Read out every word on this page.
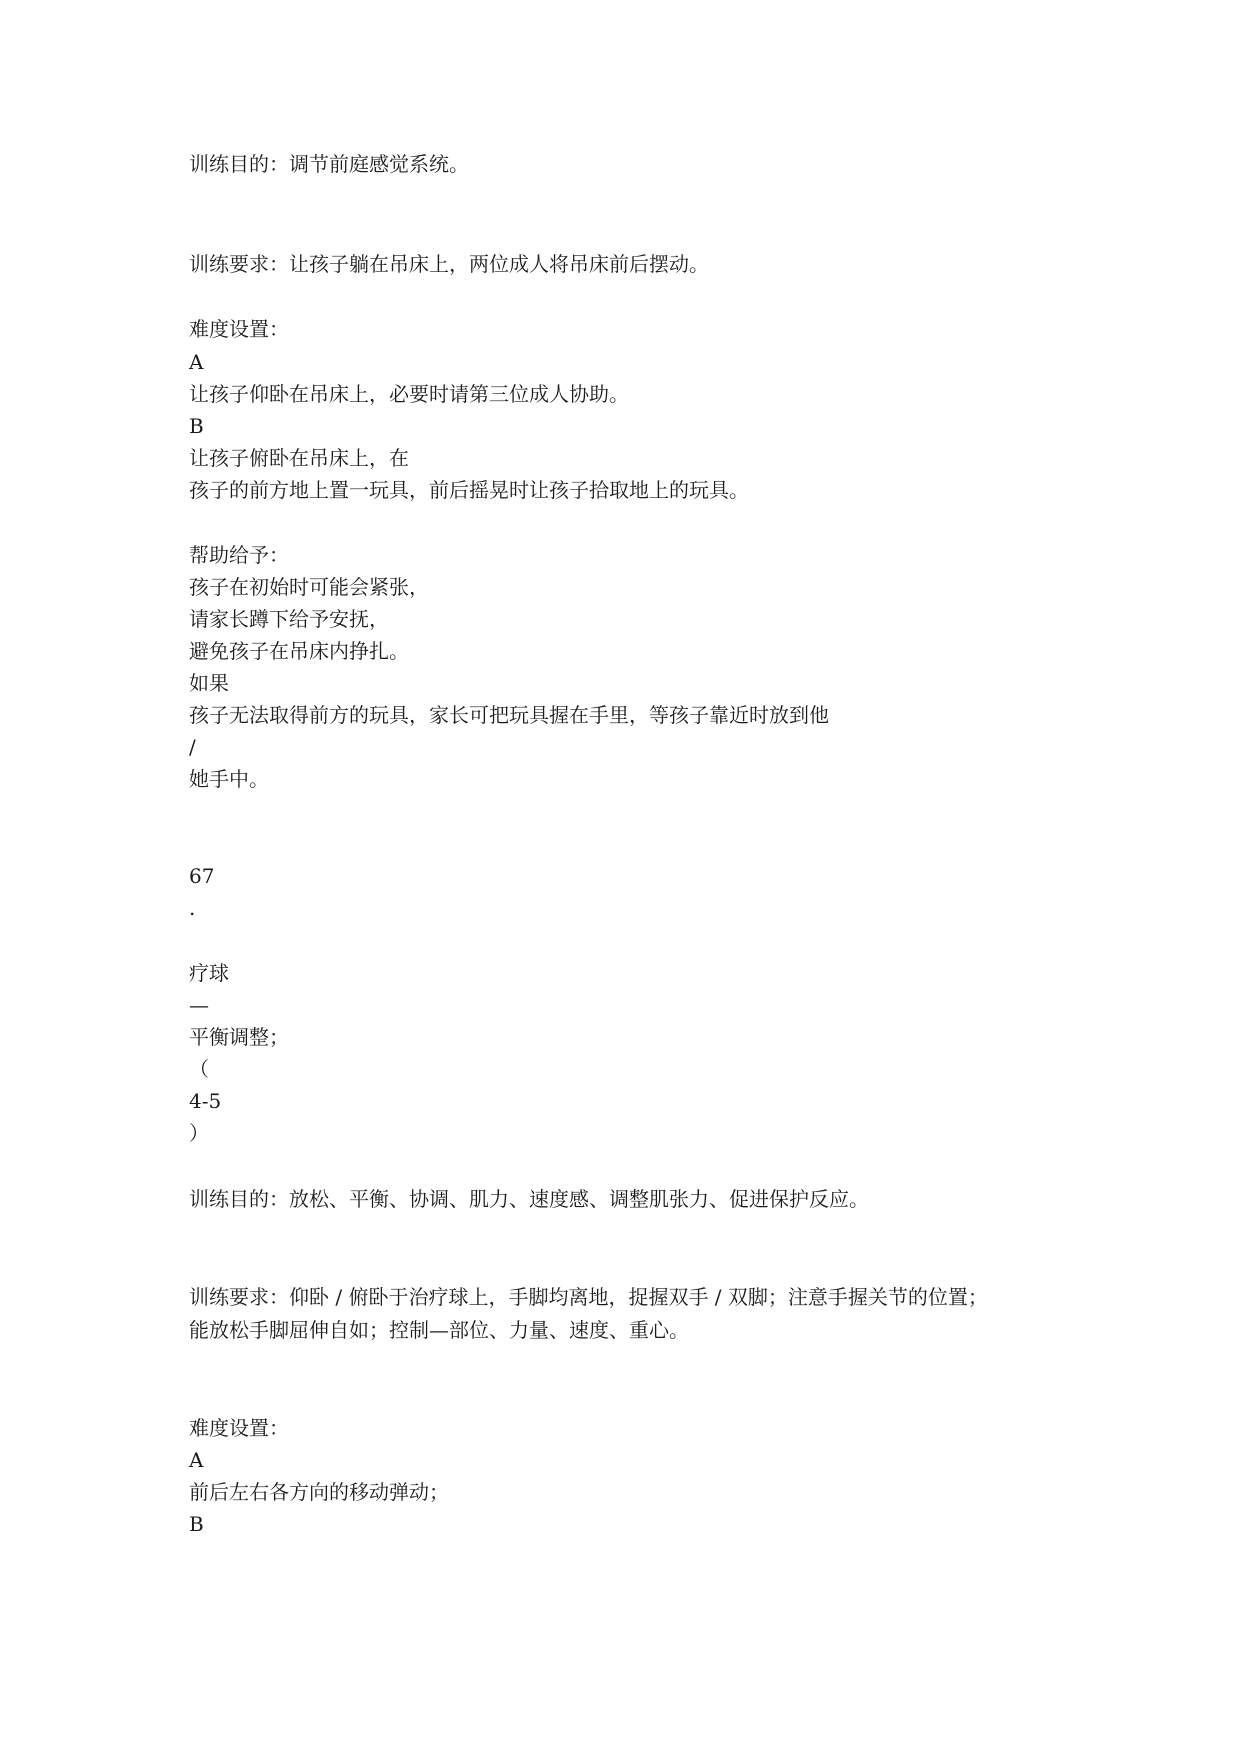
训练目的：调节前庭感觉系统。

训练要求：让孩子躺在吊床上，两位成人将吊床前后摆动。

难度设置：

A

让孩子仰卧在吊床上，必要时请第三位成人协助。

B

让孩子俯卧在吊床上，在

孩子的前方地上置一玩具，前后摇晃时让孩子拾取地上的玩具。

帮助给予：

孩子在初始时可能会紧张，

请家长蹲下给予安抚，

避免孩子在吊床内挣扎。

如果

孩子无法取得前方的玩具，家长可把玩具握在手里，等孩子靠近时放到他

/

她手中。

67

.

疗球

—

平衡调整；

（

4-5

）

训练目的：放松、平衡、协调、肌力、速度感、调整肌张力、促进保护反应。

训练要求：仰卧 / 俯卧于治疗球上，手脚均离地，捉握双手 / 双脚；注意手握关节的位置；

能放松手脚屈伸自如；控制—部位、力量、速度、重心。

难度设置：

A

前后左右各方向的移动弹动；

B
